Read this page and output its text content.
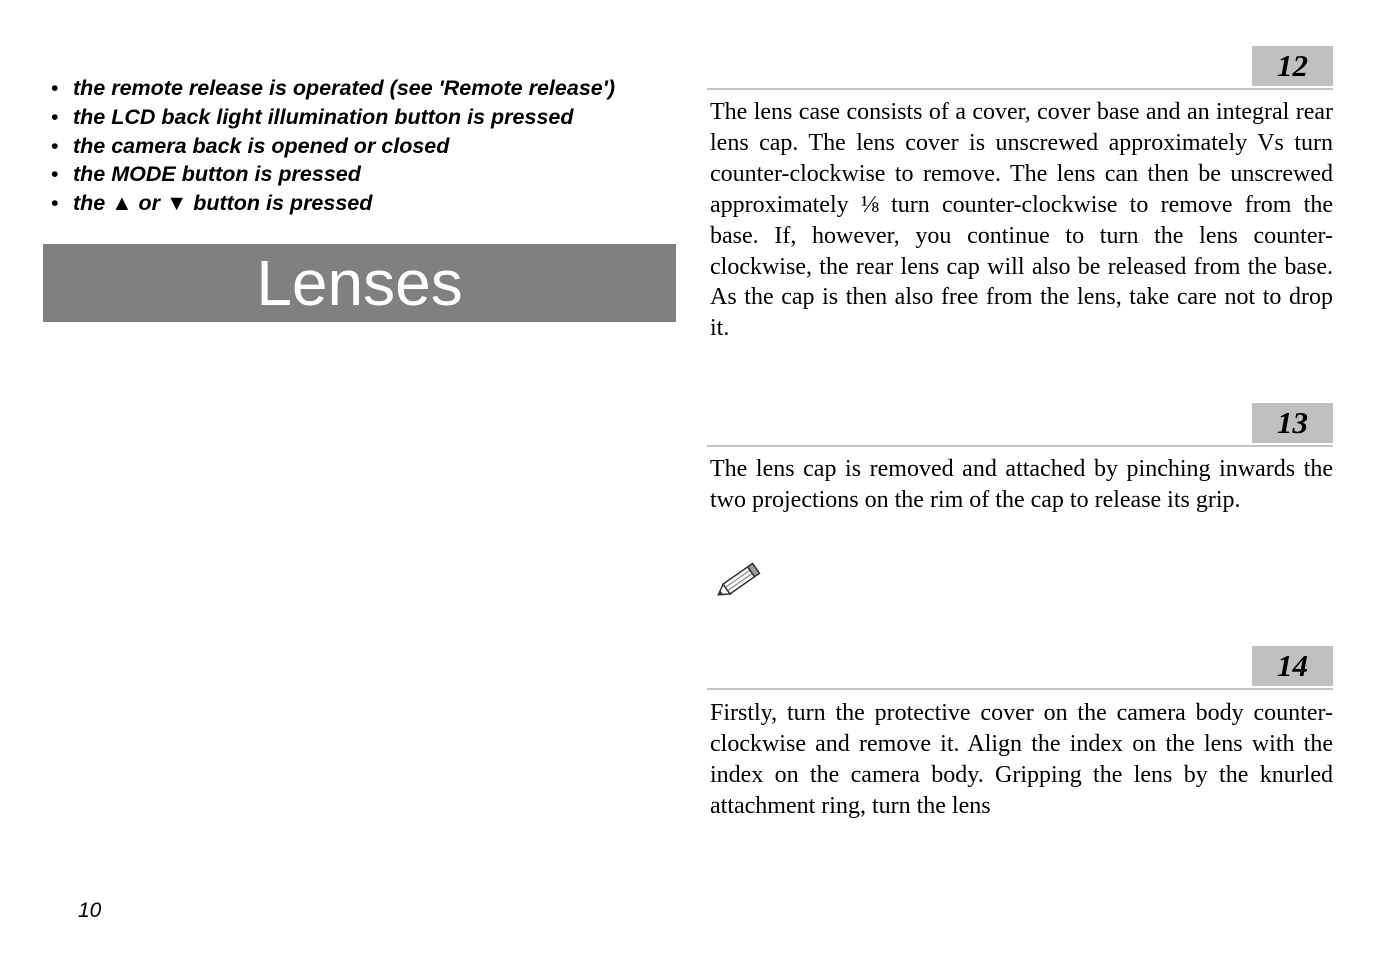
• the remote release is operated (see 'Remote release')
• the LCD back light illumination button is pressed
• the camera back is opened or closed
• the MODE button is pressed
• the ▲ or ▼ button is pressed
Lenses
12

The lens case consists of a cover, cover base and an integral rear lens cap. The lens cover is unscrewed approximately Vs turn counter-clockwise to remove. The lens can then be unscrewed approximately ⅛ turn counter-clockwise to remove from the base. If, however, you continue to turn the lens counter-clockwise, the rear lens cap will also be released from the base. As the cap is then also free from the lens, take care not to drop it.

13

The lens cap is removed and attached by pinching inwards the two projections on the rim of the cap to release its grip.

14

Firstly, turn the protective cover on the camera body counter-clockwise and remove it. Align the index on the lens with the index on the camera body. Gripping the lens by the knurled attachment ring, turn the lens

10
